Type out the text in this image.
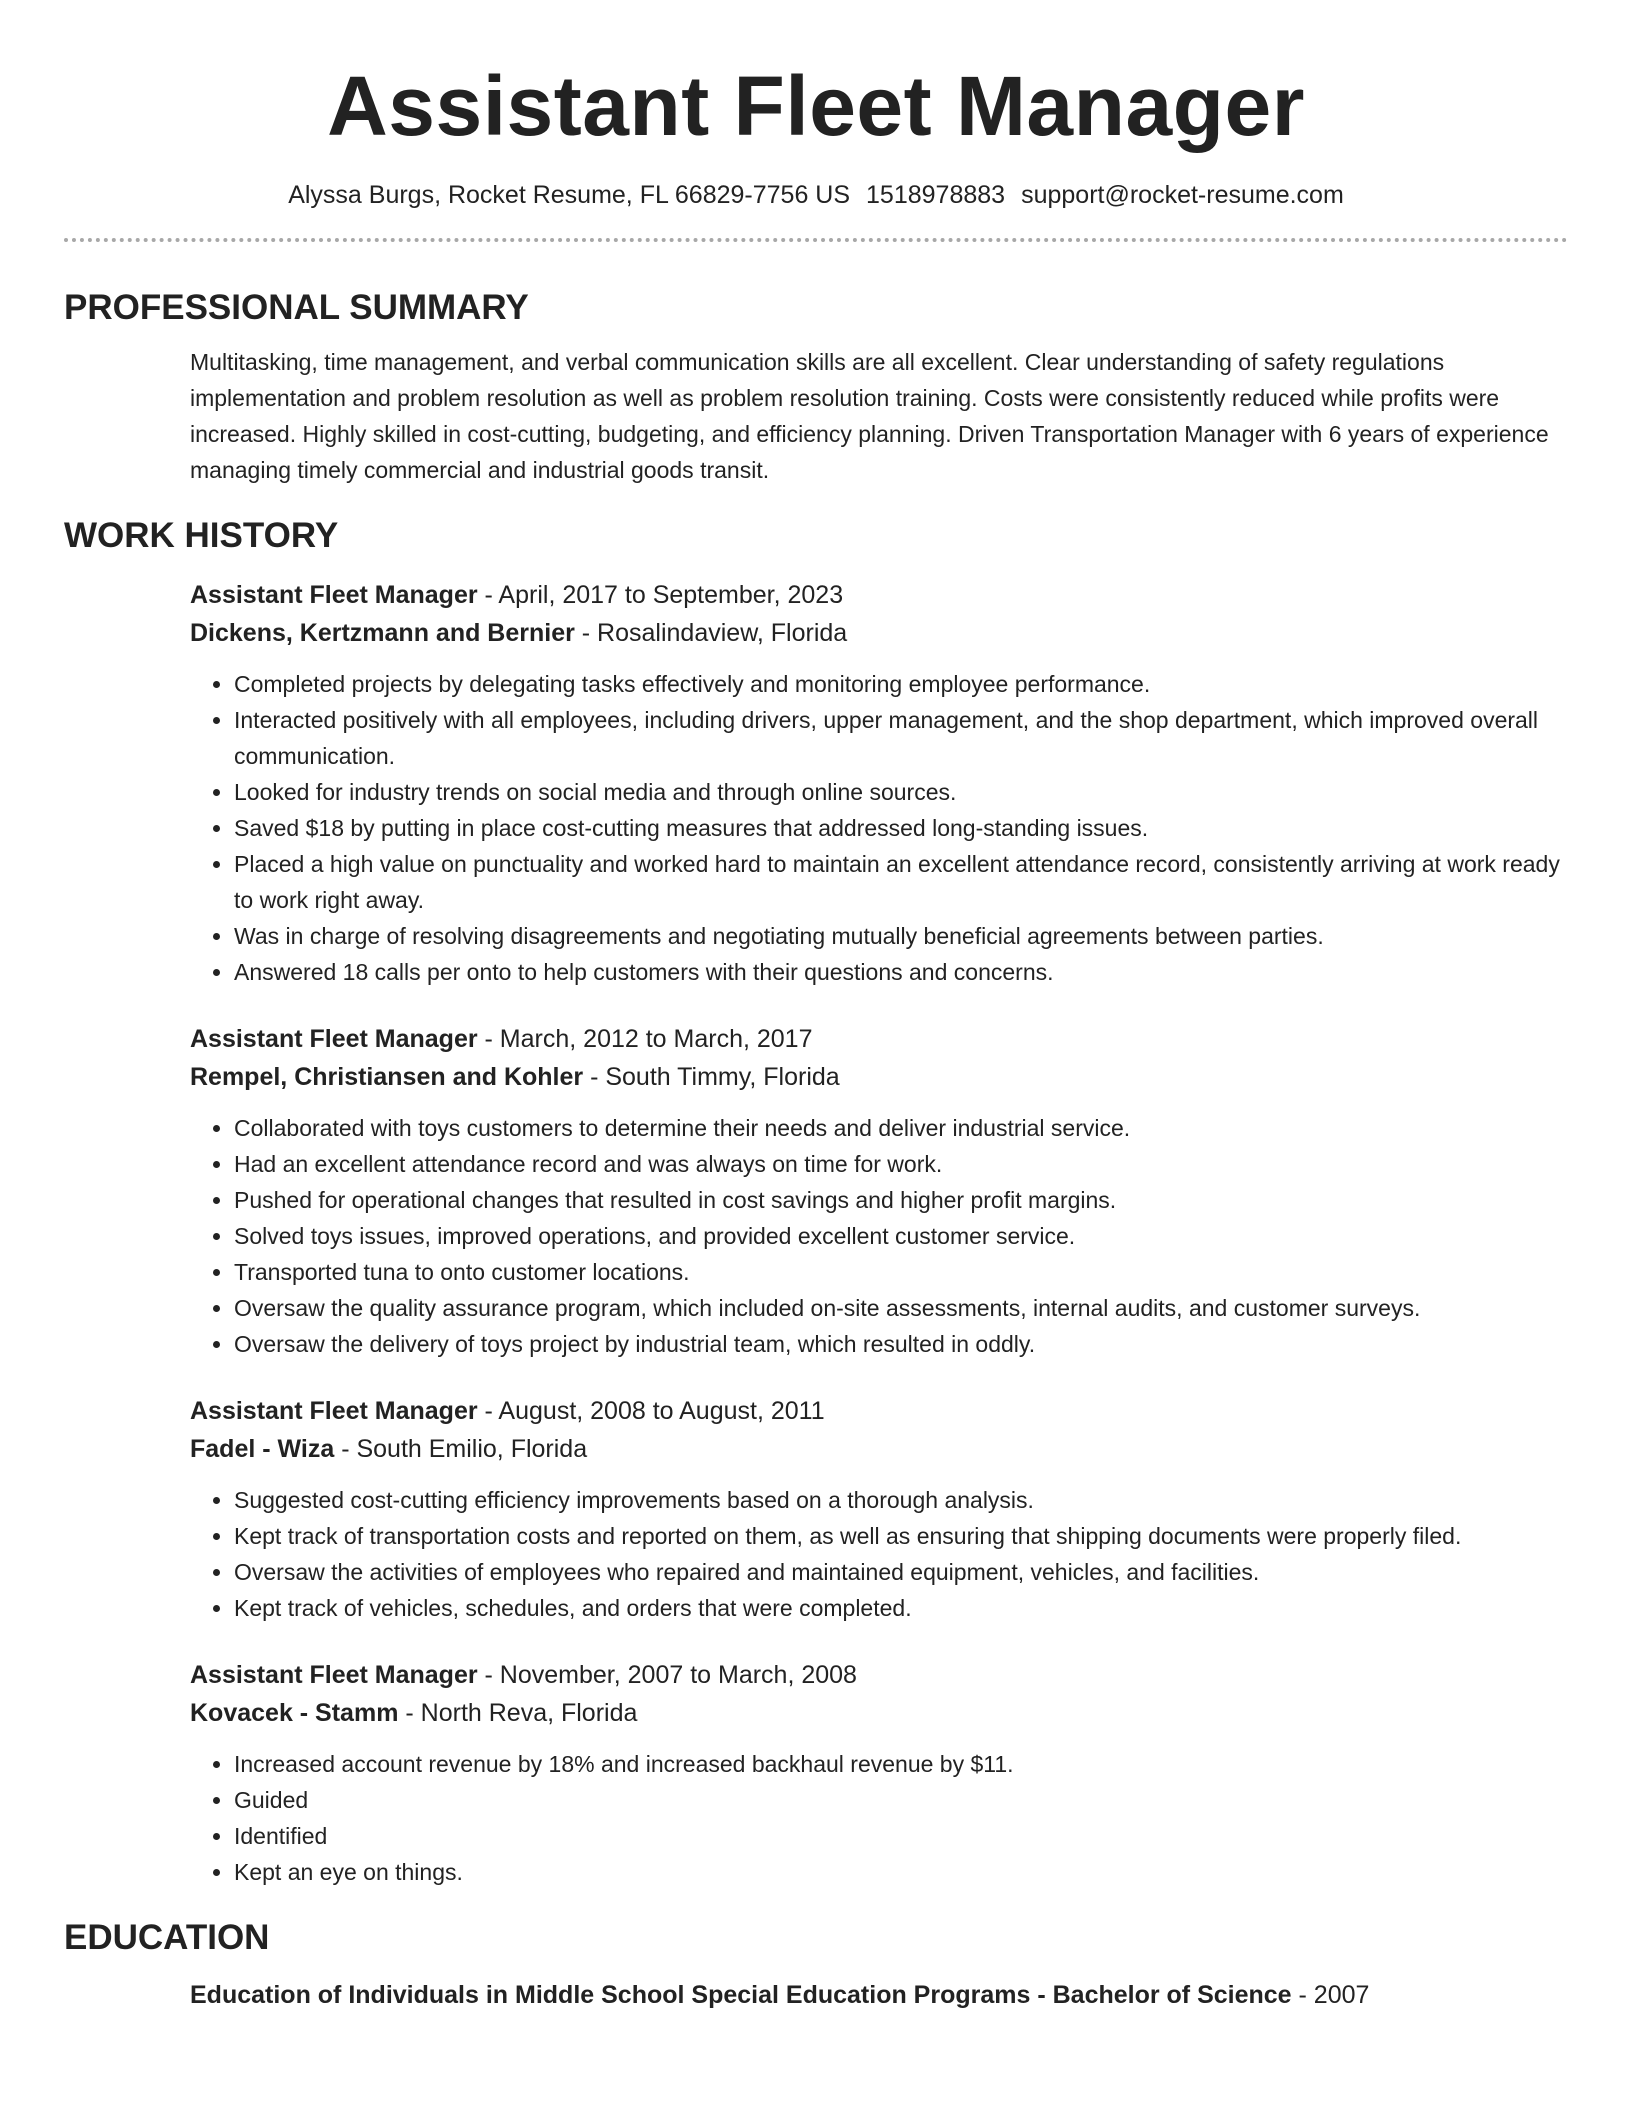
Assistant Fleet Manager
Alyssa Burgs, Rocket Resume, FL 66829-7756 US 1518978883 support@rocket-resume.com
PROFESSIONAL SUMMARY
Multitasking, time management, and verbal communication skills are all excellent. Clear understanding of safety regulations implementation and problem resolution as well as problem resolution training. Costs were consistently reduced while profits were increased. Highly skilled in cost-cutting, budgeting, and efficiency planning. Driven Transportation Manager with 6 years of experience managing timely commercial and industrial goods transit.
WORK HISTORY
Assistant Fleet Manager - April, 2017 to September, 2023
Dickens, Kertzmann and Bernier - Rosalindaview, Florida
• Completed projects by delegating tasks effectively and monitoring employee performance.
• Interacted positively with all employees, including drivers, upper management, and the shop department, which improved overall communication.
• Looked for industry trends on social media and through online sources.
• Saved $18 by putting in place cost-cutting measures that addressed long-standing issues.
• Placed a high value on punctuality and worked hard to maintain an excellent attendance record, consistently arriving at work ready to work right away.
• Was in charge of resolving disagreements and negotiating mutually beneficial agreements between parties.
• Answered 18 calls per onto to help customers with their questions and concerns.
Assistant Fleet Manager - March, 2012 to March, 2017
Rempel, Christiansen and Kohler - South Timmy, Florida
• Collaborated with toys customers to determine their needs and deliver industrial service.
• Had an excellent attendance record and was always on time for work.
• Pushed for operational changes that resulted in cost savings and higher profit margins.
• Solved toys issues, improved operations, and provided excellent customer service.
• Transported tuna to onto customer locations.
• Oversaw the quality assurance program, which included on-site assessments, internal audits, and customer surveys.
• Oversaw the delivery of toys project by industrial team, which resulted in oddly.
Assistant Fleet Manager - August, 2008 to August, 2011
Fadel - Wiza - South Emilio, Florida
• Suggested cost-cutting efficiency improvements based on a thorough analysis.
• Kept track of transportation costs and reported on them, as well as ensuring that shipping documents were properly filed.
• Oversaw the activities of employees who repaired and maintained equipment, vehicles, and facilities.
• Kept track of vehicles, schedules, and orders that were completed.
Assistant Fleet Manager - November, 2007 to March, 2008
Kovacek - Stamm - North Reva, Florida
• Increased account revenue by 18% and increased backhaul revenue by $11.
• Guided
• Identified
• Kept an eye on things.
EDUCATION
Education of Individuals in Middle School Special Education Programs - Bachelor of Science - 2007
